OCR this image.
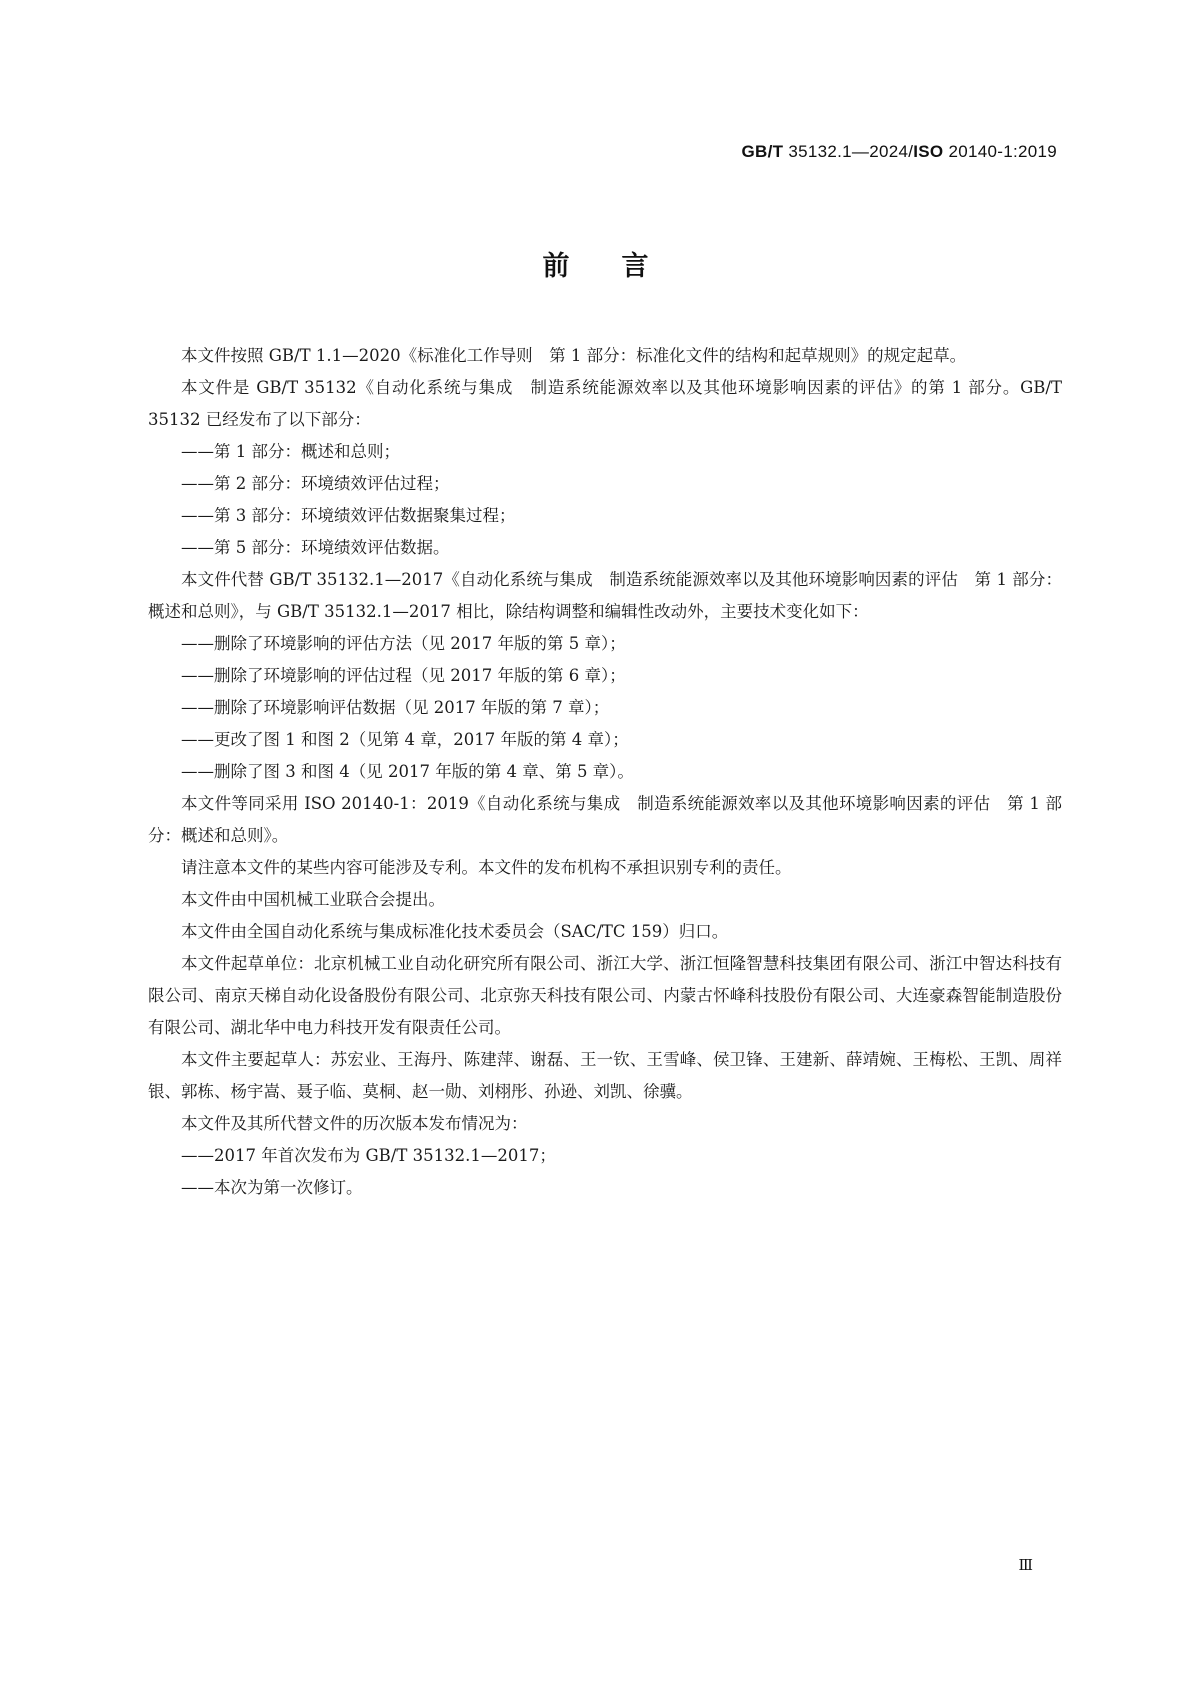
GB/T 35132.1—2024/ISO 20140-1:2019
前言

本文件按照 GB/T 1.1—2020《标准化工作导则　第 1 部分：标准化文件的结构和起草规则》的规定起草。

本文件是 GB/T 35132《自动化系统与集成　制造系统能源效率以及其他环境影响因素的评估》的第 1 部分。GB/T 35132 已经发布了以下部分：

——第 1 部分：概述和总则；

——第 2 部分：环境绩效评估过程；

——第 3 部分：环境绩效评估数据聚集过程；

——第 5 部分：环境绩效评估数据。

本文件代替 GB/T 35132.1—2017《自动化系统与集成　制造系统能源效率以及其他环境影响因素的评估　第 1 部分：概述和总则》，与 GB/T 35132.1—2017 相比，除结构调整和编辑性改动外，主要技术变化如下：

——删除了环境影响的评估方法（见 2017 年版的第 5 章）；

——删除了环境影响的评估过程（见 2017 年版的第 6 章）；

——删除了环境影响评估数据（见 2017 年版的第 7 章）；

——更改了图 1 和图 2（见第 4 章，2017 年版的第 4 章）；

——删除了图 3 和图 4（见 2017 年版的第 4 章、第 5 章）。

本文件等同采用 ISO 20140-1：2019《自动化系统与集成　制造系统能源效率以及其他环境影响因素的评估　第 1 部分：概述和总则》。

请注意本文件的某些内容可能涉及专利。本文件的发布机构不承担识别专利的责任。

本文件由中国机械工业联合会提出。

本文件由全国自动化系统与集成标准化技术委员会（SAC/TC 159）归口。

本文件起草单位：北京机械工业自动化研究所有限公司、浙江大学、浙江恒隆智慧科技集团有限公司、浙江中智达科技有限公司、南京天梯自动化设备股份有限公司、北京弥天科技有限公司、内蒙古怀峰科技股份有限公司、大连豪森智能制造股份有限公司、湖北华中电力科技开发有限责任公司。

本文件主要起草人：苏宏业、王海丹、陈建萍、谢磊、王一钦、王雪峰、侯卫锋、王建新、薛靖婉、王梅松、王凯、周祥银、郭栋、杨宇嵩、聂子临、莫桐、赵一勋、刘栩彤、孙逊、刘凯、徐骥。

本文件及其所代替文件的历次版本发布情况为：

——2017 年首次发布为 GB/T 35132.1—2017；

——本次为第一次修订。

Ⅲ
